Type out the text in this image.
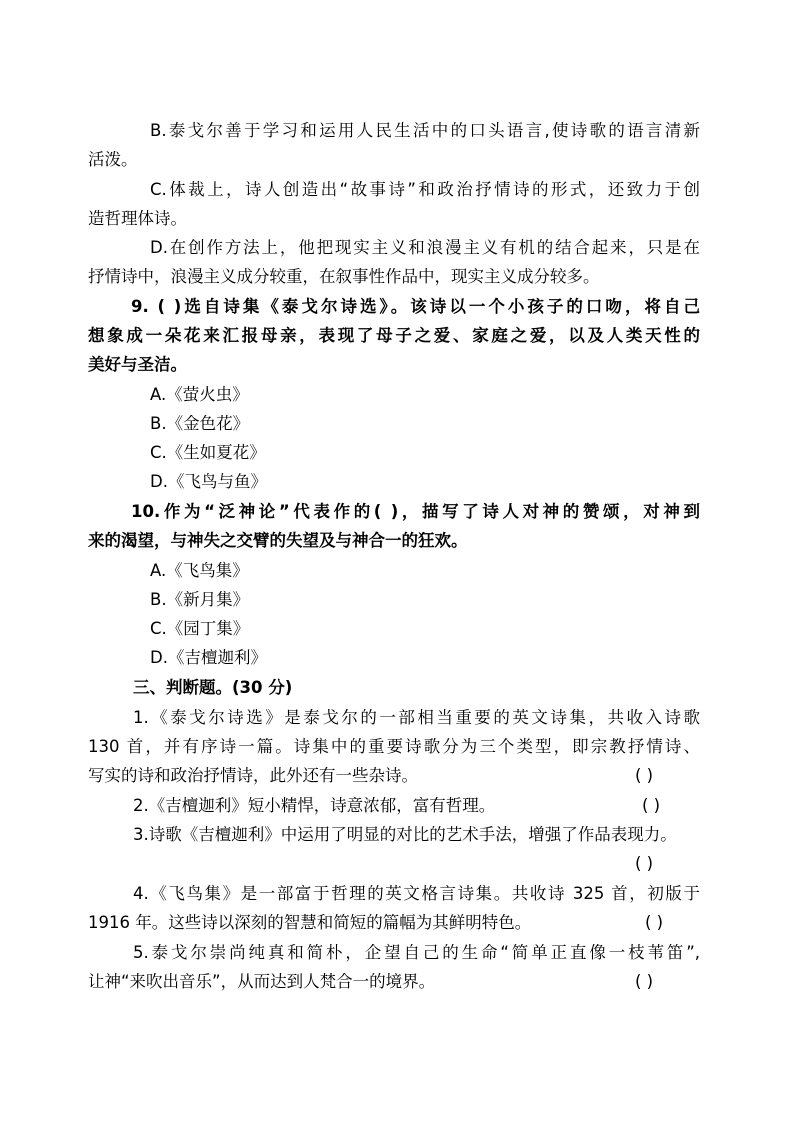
B.泰戈尔善于学习和运用人民生活中的口头语言,使诗歌的语言清新
活泼。
C.体裁上，诗人创造出“故事诗”和政治抒情诗的形式，还致力于创
造哲理体诗。
D.在创作方法上，他把现实主义和浪漫主义有机的结合起来，只是在
抒情诗中，浪漫主义成分较重，在叙事性作品中，现实主义成分较多。
9. ( )选自诗集《泰戈尔诗选》。该诗以一个小孩子的口吻，将自己
想象成一朵花来汇报母亲，表现了母子之爱、家庭之爱，以及人类天性的
美好与圣洁。
A.《萤火虫》
B.《金色花》
C.《生如夏花》
D.《飞鸟与鱼》
10.作为“泛神论”代表作的( )，描写了诗人对神的赞颂，对神到
来的渴望，与神失之交臂的失望及与神合一的狂欢。
A.《飞鸟集》
B.《新月集》
C.《园丁集》
D.《吉檀迦利》
三、判断题。(30 分)
1.《泰戈尔诗选》是泰戈尔的一部相当重要的英文诗集，共收入诗歌
130 首，并有序诗一篇。诗集中的重要诗歌分为三个类型，即宗教抒情诗、
写实的诗和政治抒情诗，此外还有一些杂诗。	( )
2.《吉檀迦利》短小精悍，诗意浓郁，富有哲理。	( )
3.诗歌《吉檀迦利》中运用了明显的对比的艺术手法，增强了作品表现力。
( )
4.《飞鸟集》是一部富于哲理的英文格言诗集。共收诗 325 首，初版于
1916 年。这些诗以深刻的智慧和简短的篇幅为其鲜明特色。	( )
5.泰戈尔崇尚纯真和简朴，企望自己的生命“简单正直像一枝苇笛”,
让神“来吹出音乐”，从而达到人梵合一的境界。	( )
